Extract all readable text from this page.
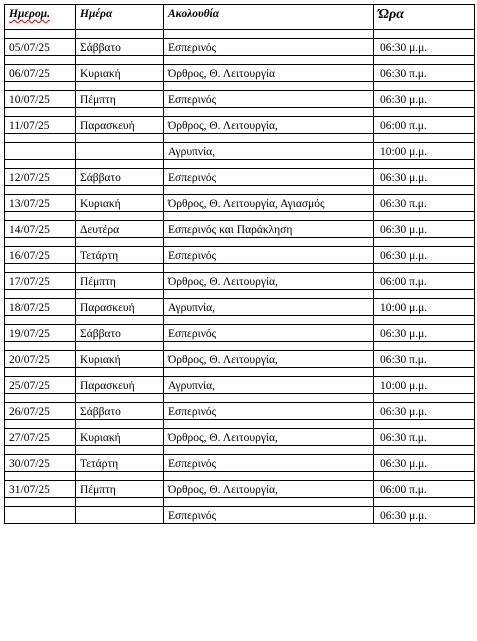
Ημερομ.	Ημέρα	Ακολουθία	Ώρα

05/07/25	Σάββατο	Εσπερινός	06:30 μ.μ.

06/07/25	Κυριακή	Όρθρος, Θ. Λειτουργία	06:30 π.μ.

10/07/25	Πέμπτη	Εσπερινός	06:30 μ.μ.

11/07/25	Παρασκευή	Όρθρος, Θ. Λειτουργία,	06:00 π.μ.

		Αγρυπνία,	10:00 μ.μ.

12/07/25	Σάββατο	Εσπερινός	06:30 μ.μ.

13/07/25	Κυριακή	Όρθρος, Θ. Λειτουργία, Αγιασμός	06:30 π.μ.

14/07/25	Δευτέρα	Εσπερινός και Παράκληση	06:30 μ.μ.

16/07/25	Τετάρτη	Εσπερινός	06:30 μ.μ.

17/07/25	Πέμπτη	Όρθρος, Θ. Λειτουργία,	06:00 π.μ.

18/07/25	Παρασκευή	Αγρυπνία,	10:00 μ.μ.

19/07/25	Σάββατο	Εσπερινός	06:30 μ.μ.

20/07/25	Κυριακή	Όρθρος, Θ. Λειτουργία,	06:30 π.μ.

25/07/25	Παρασκευή	Αγρυπνία,	10:00 μ.μ.

26/07/25	Σάββατο	Εσπερινός	06:30 μ.μ.

27/07/25	Κυριακή	Όρθρος, Θ. Λειτουργία,	06:30 π.μ.

30/07/25	Τετάρτη	Εσπερινός	06:30 μ.μ.

31/07/25	Πέμπτη	Όρθρος, Θ. Λειτουργία,	06:00 π.μ.

		Εσπερινός	06:30 μ.μ.
